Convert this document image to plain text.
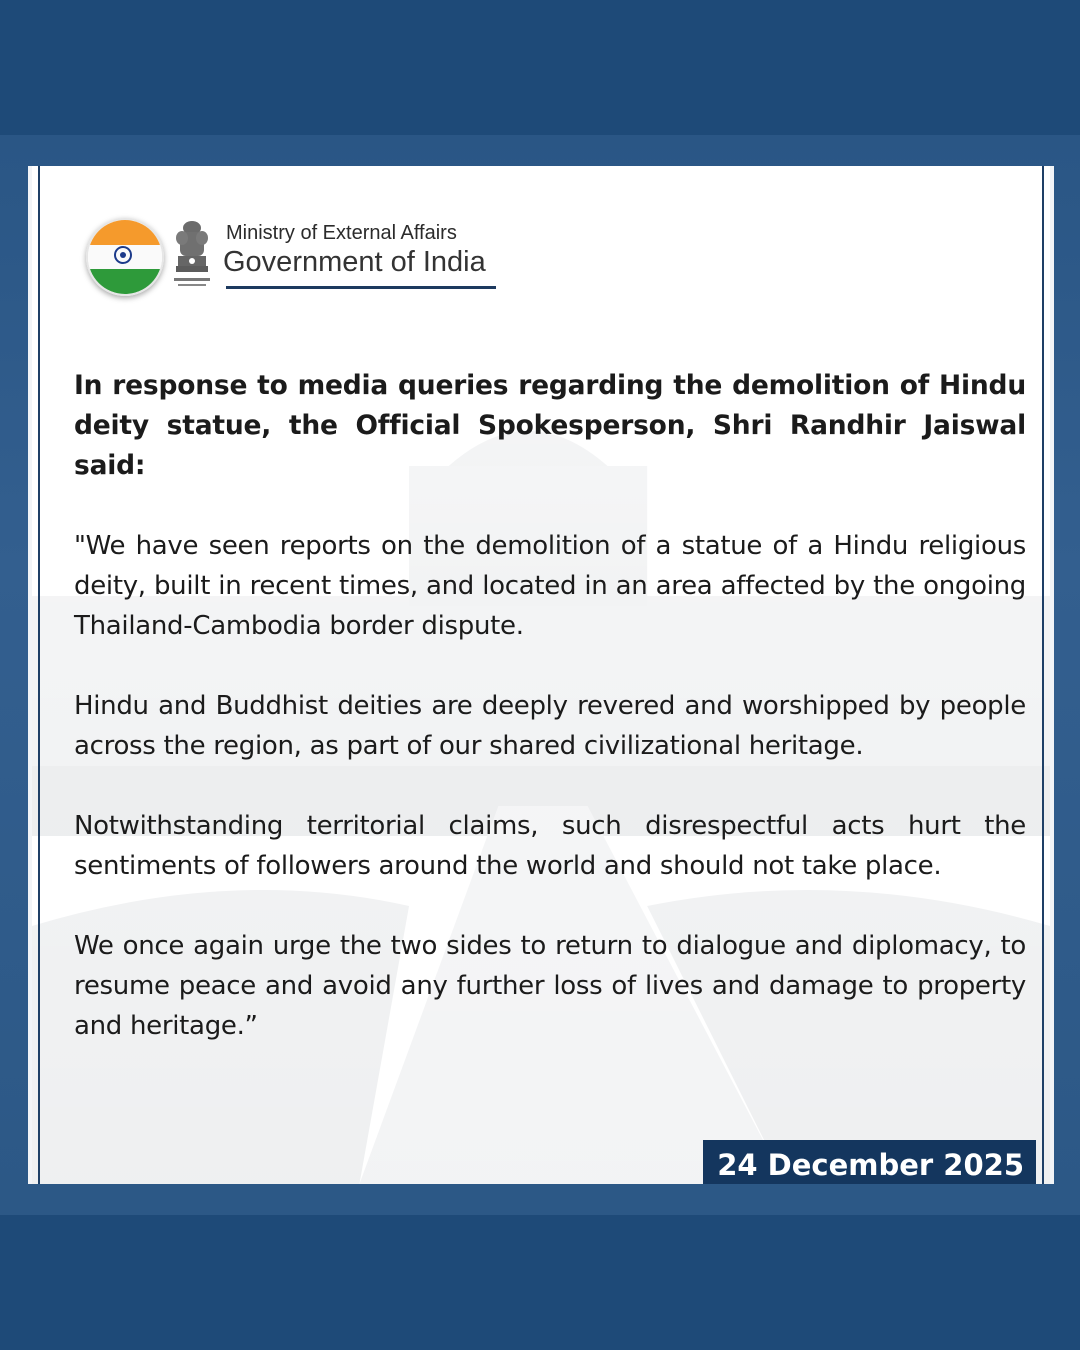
Ministry of External Affairs
Government of India

In response to media queries regarding the demolition of Hindu deity statue, the Official Spokesperson, Shri Randhir Jaiswal said:

"We have seen reports on the demolition of a statue of a Hindu religious deity, built in recent times, and located in an area affected by the ongoing Thailand-Cambodia border dispute.

Hindu and Buddhist deities are deeply revered and worshipped by people across the region, as part of our shared civilizational heritage.

Notwithstanding territorial claims, such disrespectful acts hurt the sentiments of followers around the world and should not take place.

We once again urge the two sides to return to dialogue and diplomacy, to resume peace and avoid any further loss of lives and damage to property and heritage.”

24 December 2025
